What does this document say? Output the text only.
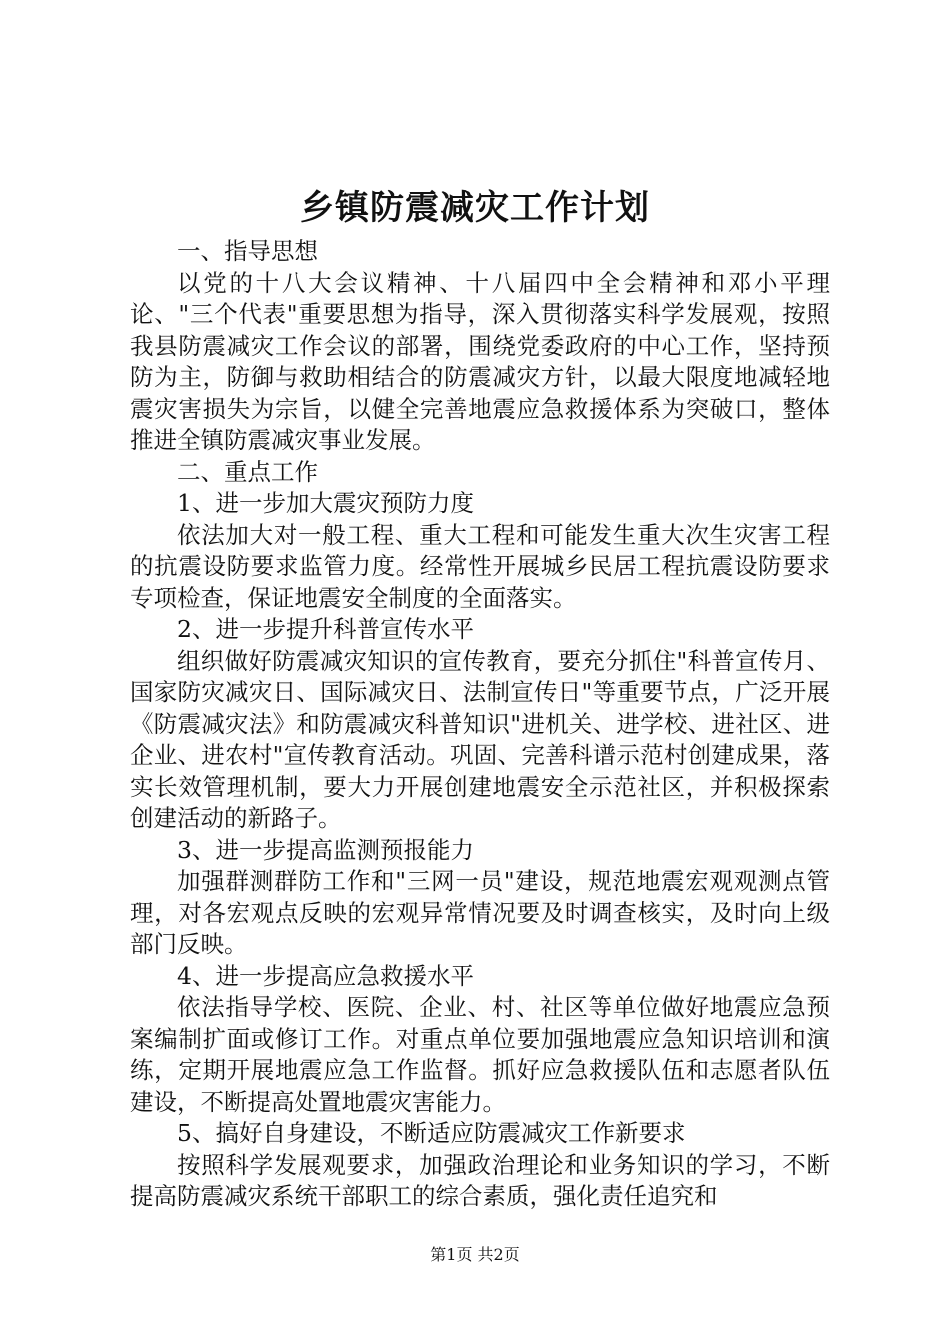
乡镇防震减灾工作计划

一、指导思想

以党的十八大会议精神、十八届四中全会精神和邓小平理论、"三个代表"重要思想为指导，深入贯彻落实科学发展观，按照我县防震减灾工作会议的部署，围绕党委政府的中心工作，坚持预防为主，防御与救助相结合的防震减灾方针，以最大限度地减轻地震灾害损失为宗旨，以健全完善地震应急救援体系为突破口，整体推进全镇防震减灾事业发展。

二、重点工作

1、进一步加大震灾预防力度

依法加大对一般工程、重大工程和可能发生重大次生灾害工程的抗震设防要求监管力度。经常性开展城乡民居工程抗震设防要求专项检查，保证地震安全制度的全面落实。

2、进一步提升科普宣传水平

组织做好防震减灾知识的宣传教育，要充分抓住"科普宣传月、国家防灾减灾日、国际减灾日、法制宣传日"等重要节点，广泛开展《防震减灾法》和防震减灾科普知识"进机关、进学校、进社区、进企业、进农村"宣传教育活动。巩固、完善科谱示范村创建成果，落实长效管理机制，要大力开展创建地震安全示范社区，并积极探索创建活动的新路子。

3、进一步提高监测预报能力

加强群测群防工作和"三网一员"建设，规范地震宏观观测点管理，对各宏观点反映的宏观异常情况要及时调查核实，及时向上级部门反映。

4、进一步提高应急救援水平

依法指导学校、医院、企业、村、社区等单位做好地震应急预案编制扩面或修订工作。对重点单位要加强地震应急知识培训和演练，定期开展地震应急工作监督。抓好应急救援队伍和志愿者队伍建设，不断提高处置地震灾害能力。

5、搞好自身建设，不断适应防震减灾工作新要求

按照科学发展观要求，加强政治理论和业务知识的学习，不断提高防震减灾系统干部职工的综合素质，强化责任追究和

第1页 共2页
